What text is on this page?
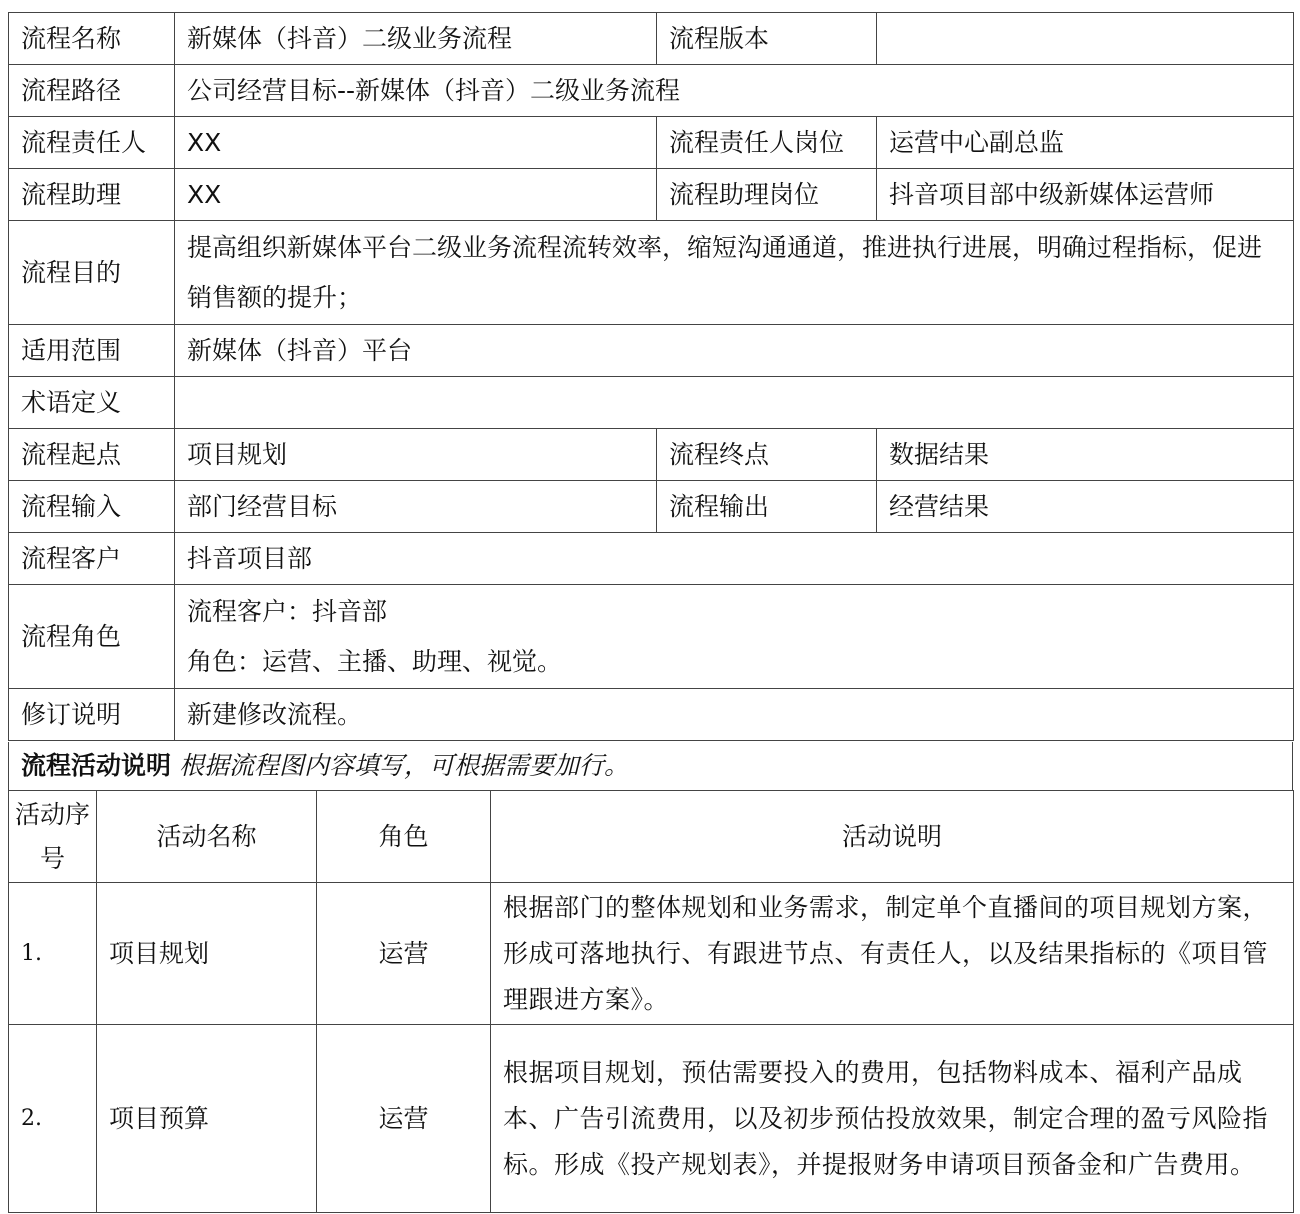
流程名称	新媒体（抖音）二级业务流程	流程版本	
流程路径	公司经营目标--新媒体（抖音）二级业务流程		
流程责任人	XX	流程责任人岗位	运营中心副总监
流程助理	XX	流程助理岗位	抖音项目部中级新媒体运营师
流程目的	提高组织新媒体平台二级业务流程流转效率，缩短沟通通道，推进执行进展，明确过程指标，促进销售额的提升；		
适用范围	新媒体（抖音）平台		
术语定义			
流程起点	项目规划	流程终点	数据结果
流程输入	部门经营目标	流程输出	经营结果
流程客户	抖音项目部		
流程角色	流程客户：抖音部
角色：运营、主播、助理、视觉。		

修订说明	新建修改流程。		
流程活动说明 根据流程图内容填写，可根据需要加行。
活动序号	活动名称	角色	活动说明
1.	项目规划	运营	根据部门的整体规划和业务需求，制定单个直播间的项目规划方案，形成可落地执行、有跟进节点、有责任人，以及结果指标的《项目管理跟进方案》。
2.	项目预算	运营	根据项目规划，预估需要投入的费用，包括物料成本、福利产品成本、广告引流费用，以及初步预估投放效果，制定合理的盈亏风险指标。形成《投产规划表》，并提报财务申请项目预备金和广告费用。
